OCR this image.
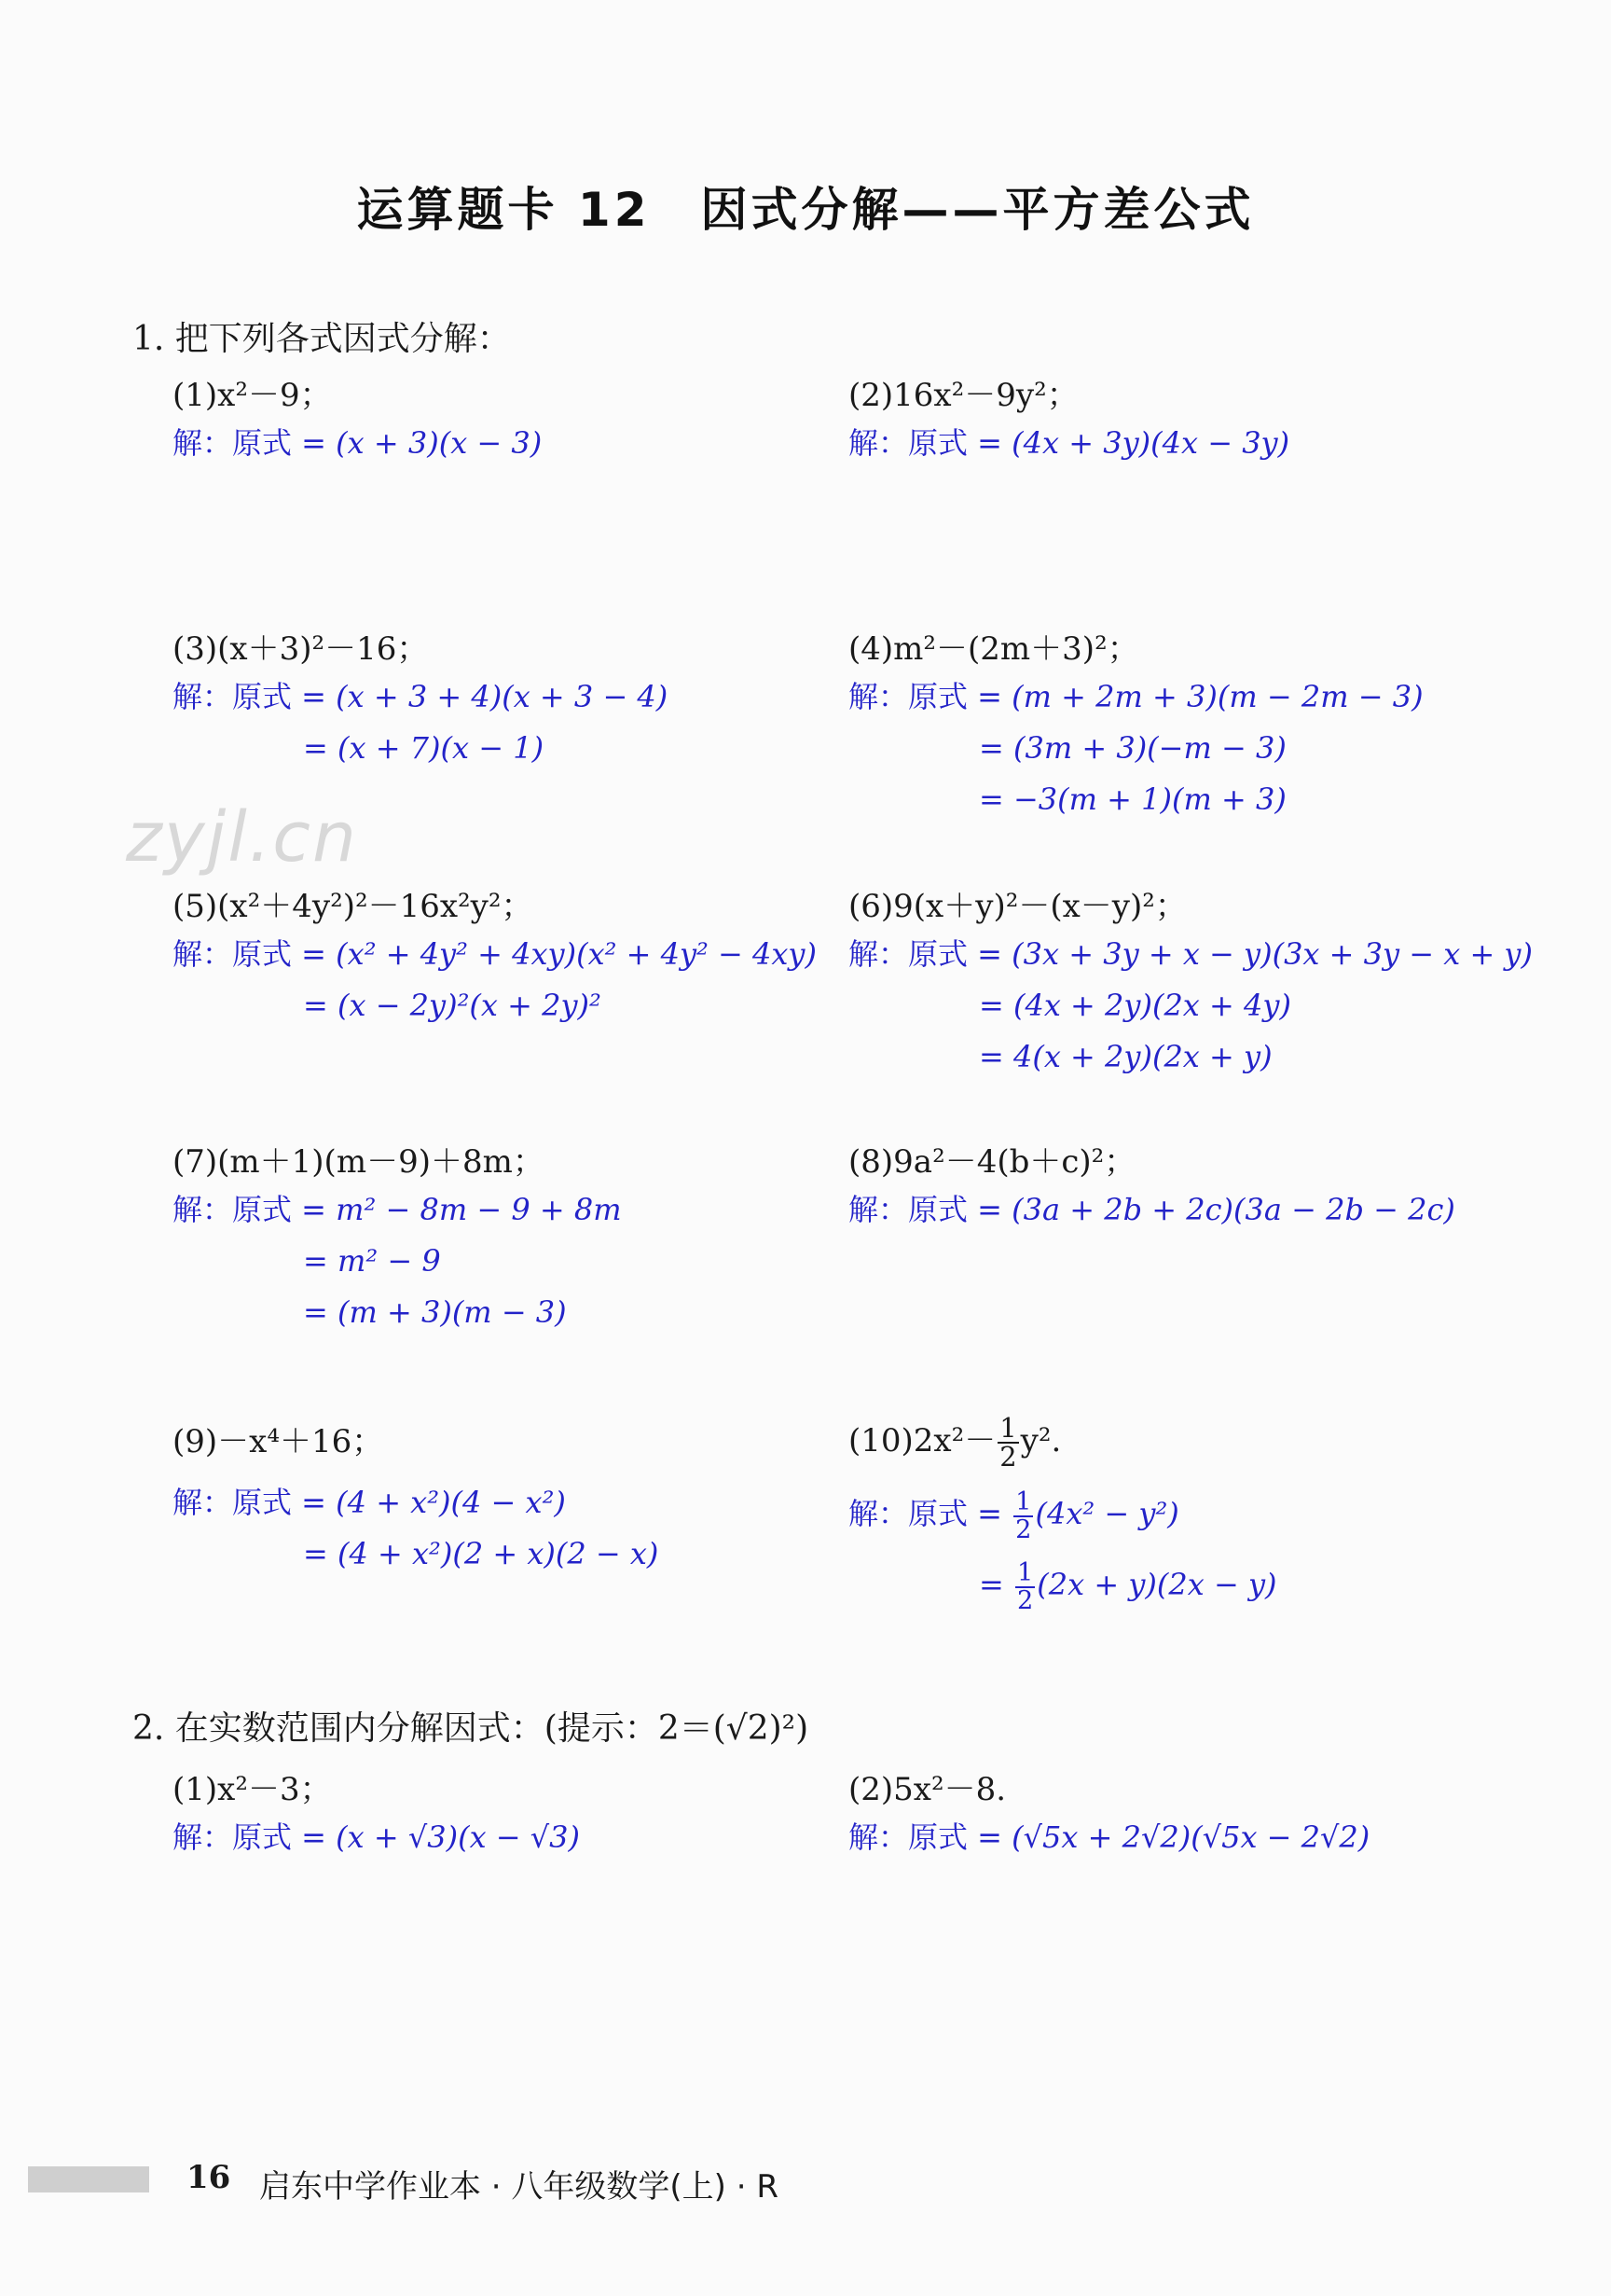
运算题卡 12　因式分解——平方差公式
1. 把下列各式因式分解：
(1)x²－9；
解：原式 = (x + 3)(x − 3)
(2)16x²－9y²；
解：原式 = (4x + 3y)(4x − 3y)
(3)(x＋3)²－16；
解：原式 = (x + 3 + 4)(x + 3 − 4)
= (x + 7)(x − 1)
(4)m²－(2m＋3)²；
解：原式 = (m + 2m + 3)(m − 2m − 3)
= (3m + 3)(−m − 3)
= −3(m + 1)(m + 3)
zyjl.cn
(5)(x²＋4y²)²－16x²y²；
解：原式 = (x² + 4y² + 4xy)(x² + 4y² − 4xy)
= (x − 2y)²(x + 2y)²
(6)9(x＋y)²－(x－y)²；
解：原式 = (3x + 3y + x − y)(3x + 3y − x + y)
= (4x + 2y)(2x + 4y)
= 4(x + 2y)(2x + y)
(7)(m＋1)(m－9)＋8m；
解：原式 = m² − 8m − 9 + 8m
= m² − 9
= (m + 3)(m − 3)
(8)9a²－4(b＋c)²；
解：原式 = (3a + 2b + 2c)(3a − 2b − 2c)
(9)－x⁴＋16；
解：原式 = (4 + x²)(4 − x²)
= (4 + x²)(2 + x)(2 − x)
$(10)2x^2- \frac{1}{2} y^2$.
解：原式 = $\frac{1}{2} (4x^2 - y^2)$
= $\frac{1}{2} (2x + y)(2x - y)$
2. 在实数范围内分解因式：(提示：2＝(√2)²)
(1)x²－3；
解：原式 = (x + √3)(x − √3)
(2)5x²－8.
解：原式 = (√5x + 2√2)(√5x − 2√2)
16 启东中学作业本 · 八年级数学(上) · R
